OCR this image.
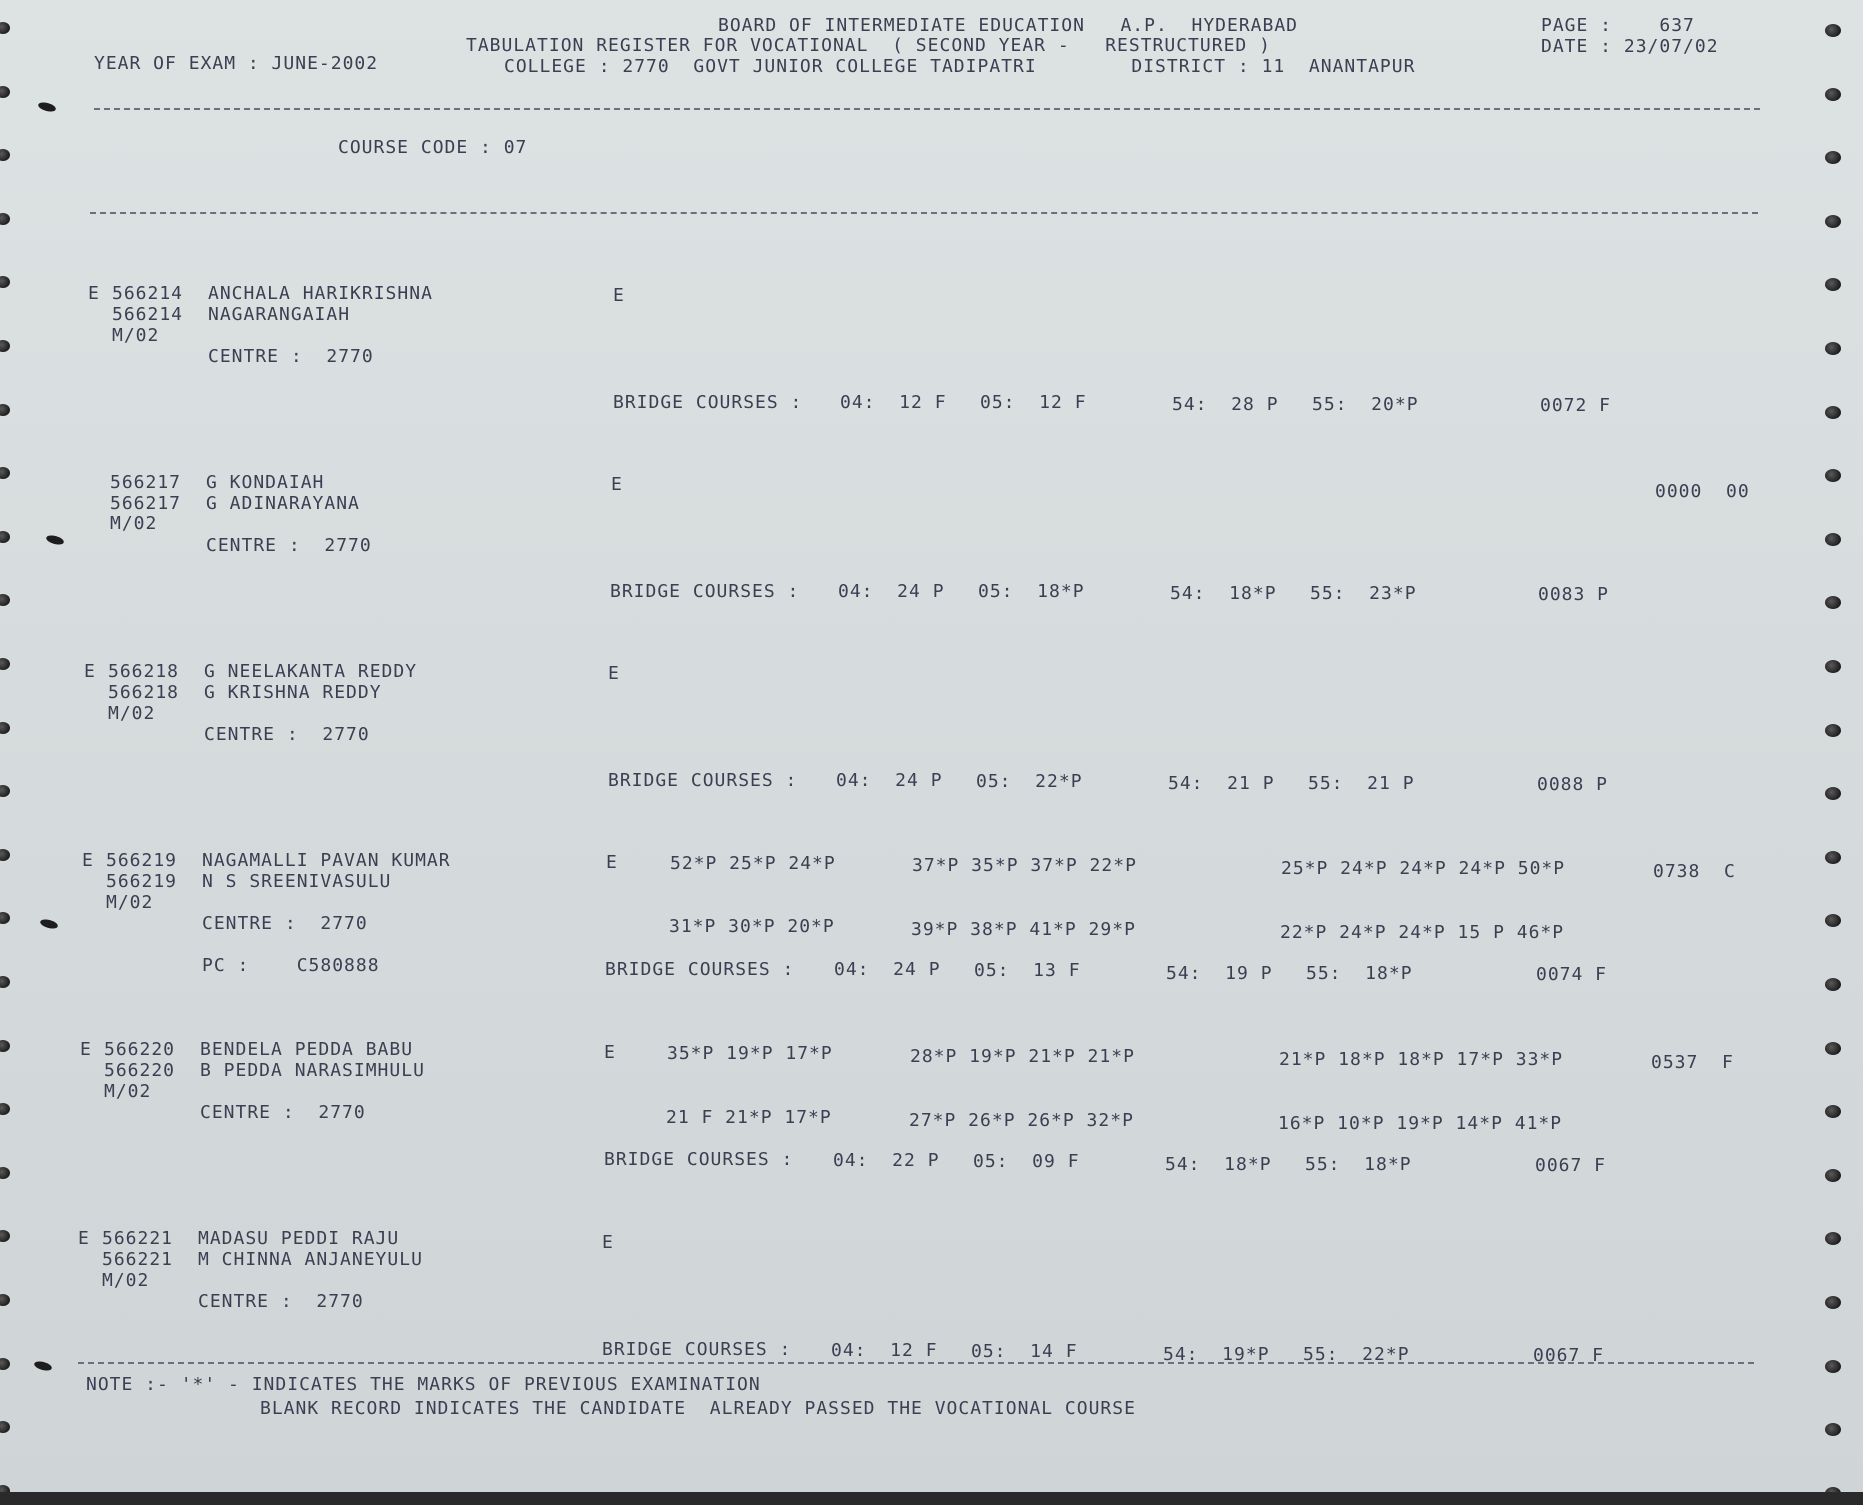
BOARD OF INTERMEDIATE EDUCATION   A.P.  HYDERABAD
TABULATION REGISTER FOR VOCATIONAL  ( SECOND YEAR -   RESTRUCTURED )
COLLEGE : 2770  GOVT JUNIOR COLLEGE TADIPATRI        DISTRICT : 11  ANANTAPUR
YEAR OF EXAM : JUNE-2002
PAGE :    637
DATE : 23/07/02
COURSE CODE : 07
E 566214 ANCHALA HARIKRISHNA
566214 NAGARANGAIAH
M/02
CENTRE :  2770
E
BRIDGE COURSES : 04:  12 F 05:  12 F	54:  28 P 55:  20*P	0072 F
566217 G KONDAIAH
566217 G ADINARAYANA
M/02
CENTRE :  2770
E	0000  00
BRIDGE COURSES : 04:  24 P 05:  18*P	54:  18*P 55:  23*P	0083 P
E 566218 G NEELAKANTA REDDY
566218 G KRISHNA REDDY
M/02
CENTRE :  2770
E
BRIDGE COURSES : 04:  24 P 05:  22*P	54:  21 P 55:  21 P	0088 P
E 566219 NAGAMALLI PAVAN KUMAR
566219 N S SREENIVASULU
M/02
CENTRE :  2770
PC :    C580888
E	52*P 25*P 24*P	37*P 35*P 37*P 22*P	25*P 24*P 24*P 24*P 50*P	0738  C
31*P 30*P 20*P	39*P 38*P 41*P 29*P	22*P 24*P 24*P 15 P 46*P
BRIDGE COURSES : 04:  24 P 05:  13 F	54:  19 P 55:  18*P	0074 F
E 566220 BENDELA PEDDA BABU
566220 B PEDDA NARASIMHULU
M/02
CENTRE :  2770
E	35*P 19*P 17*P	28*P 19*P 21*P 21*P	21*P 18*P 18*P 17*P 33*P	0537  F
21 F 21*P 17*P	27*P 26*P 26*P 32*P	16*P 10*P 19*P 14*P 41*P
BRIDGE COURSES : 04:  22 P 05:  09 F	54:  18*P 55:  18*P	0067 F
E 566221 MADASU PEDDI RAJU
566221 M CHINNA ANJANEYULU
M/02
CENTRE :  2770
E
BRIDGE COURSES : 04:  12 F 05:  14 F	54:  19*P 55:  22*P	0067 F
NOTE :- '*' - INDICATES THE MARKS OF PREVIOUS EXAMINATION
BLANK RECORD INDICATES THE CANDIDATE  ALREADY PASSED THE VOCATIONAL COURSE
